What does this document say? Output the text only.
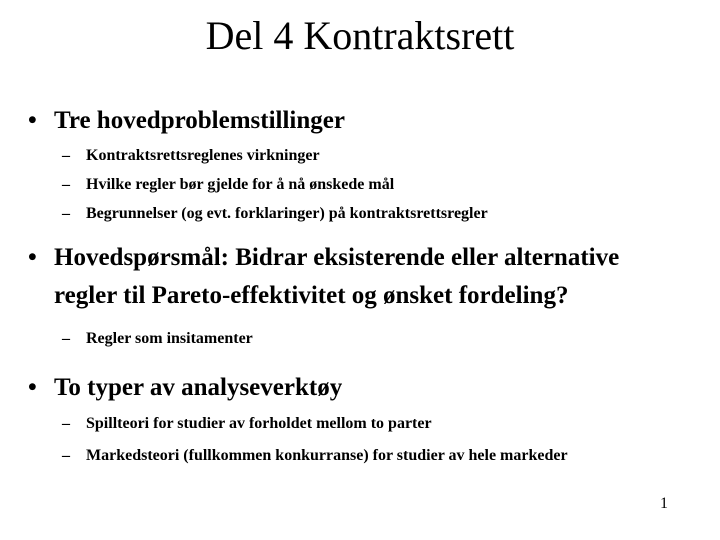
Del 4 Kontraktsrett
• Tre hovedproblemstillinger
– Kontraktsrettsreglenes virkninger
– Hvilke regler bør gjelde for å nå ønskede mål
– Begrunnelser (og evt. forklaringer) på kontraktsrettsregler
• Hovedspørsmål: Bidrar eksisterende eller alternative
regler til Pareto-effektivitet og ønsket fordeling?
– Regler som insitamenter
• To typer av analyseverktøy
– Spillteori for studier av forholdet mellom to parter
– Markedsteori (fullkommen konkurranse) for studier av hele markeder
1
